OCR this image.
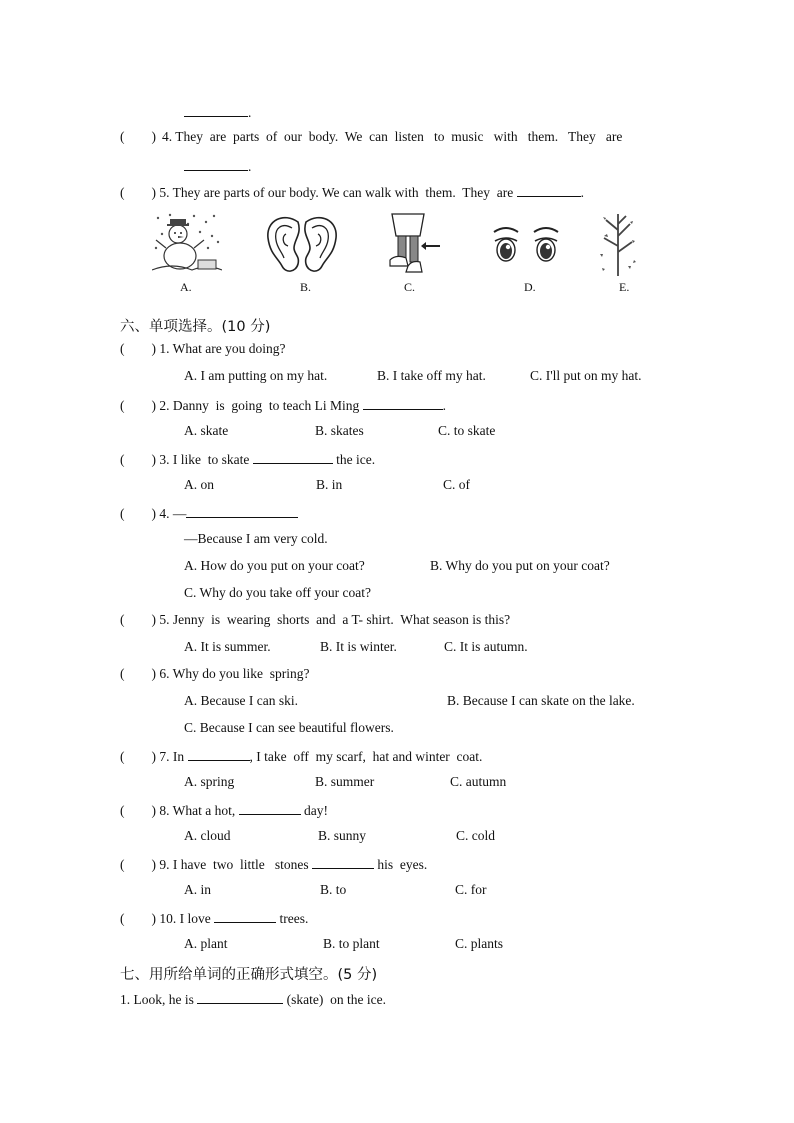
.
(        ) 4. They  are  parts  of  our  body.  We  can  listen   to  music   with   them.   They   are
.
(        ) 5. They are parts of our body. We can walk with  them.  They  are	.
A.	B.	C.	D.	E.
六、单项选择。(10 分)
(        ) 1. What are you doing?
A. I am putting on my hat.	B. I take off my hat.	C. I'll put on my hat.
(        ) 2. Danny  is  going  to teach Li Ming	.
A. skate	B. skates	C. to skate
(        ) 3. I like  to skate	the ice.
A. on	B. in	C. of
(        ) 4. —
—Because I am very cold.
A. How do you put on your coat?	B. Why do you put on your coat?
C. Why do you take off your coat?
(        ) 5. Jenny  is  wearing  shorts  and  a T- shirt.  What season is this?
A. It is summer.	B. It is winter.	C. It is autumn.
(        ) 6. Why do you like  spring?
A. Because I can ski.	B. Because I can skate on the lake.
C. Because I can see beautiful flowers.
(        ) 7. In	, I take  off  my scarf,  hat and winter  coat.
A. spring	B. summer	C. autumn
(        ) 8. What a hot,	day!
A. cloud	B. sunny	C. cold
(        ) 9. I have  two  little   stones	his  eyes.
A. in	B. to	C. for
(        ) 10. I love	trees.
A. plant	B. to plant	C. plants
七、用所给单词的正确形式填空。(5 分)
1. Look, he is	(skate)  on the ice.
